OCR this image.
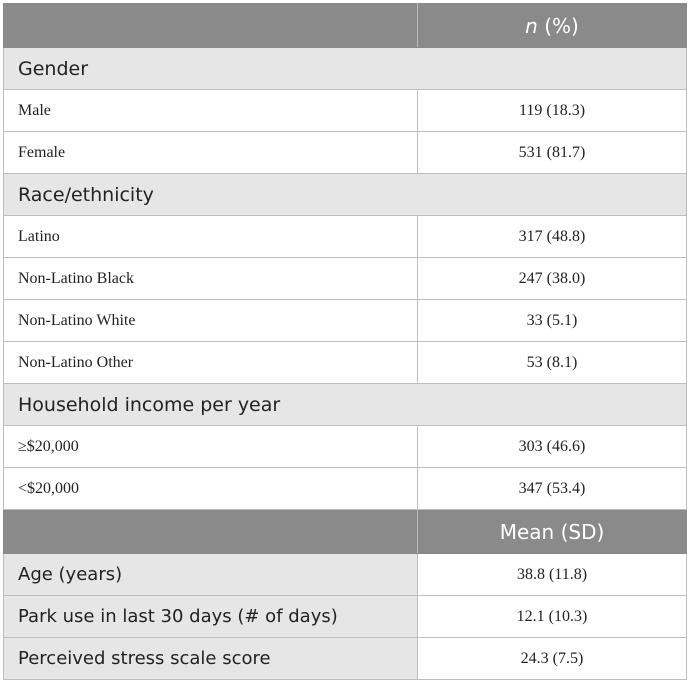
	n (%)
Gender	
Male	119 (18.3)
Female	531 (81.7)
Race/ethnicity	
Latino	317 (48.8)
Non-Latino Black	247 (38.0)
Non-Latino White	33 (5.1)
Non-Latino Other	53 (8.1)
Household income per year	
≥$20,000	303 (46.6)
<$20,000	347 (53.4)
	Mean (SD)
Age (years)	38.8 (11.8)
Park use in last 30 days (# of days)	12.1 (10.3)
Perceived stress scale score	24.3 (7.5)
